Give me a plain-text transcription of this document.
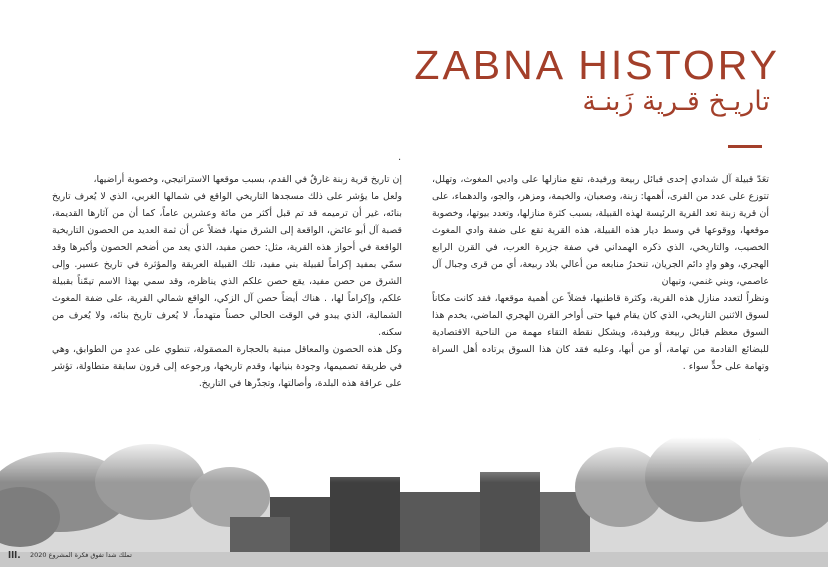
ZABNA HISTORY
تاريـخ قـرية زَبنـة
.

تعَدّ قبيلة آل شدادي إحدى قبائل ربيعة ورفيدة، تقع منازلها على واديي المغوث، وتهلل، تتوزع على عدد من القرى، أهمها: زبنة، وصعبان، والخيمة، ومزهر، والجو، والدهماء، على أن قرية زبنة تعد القرية الرئيسة لهذه القبيلة، بسبب كثرة منازلها، وتعدد بيوتها، وخصوبة موقعها، ووقوعها في وسط ديار هذه القبيلة، هذه القرية تقع على ضفة وادي المغوث الخصيب، والتاريخي، الذي ذكره الهمداني في صفة جزيرة العرب، في القرن الرابع الهجري، وهو وادٍ دائم الجريان، تنحدرُ منابعه من أعالي بلاد ربيعة، أي من قرى وجبال آل عاصمي، وبني غنمي، وتيهان

ونظراً لتعدد منازل هذه القرية، وكثرة قاطنيها، فضلاً عن أهمية موقعها، فقد كانت مكاناً لسوق الاثنين التاريخي، الذي كان يقام فيها حتى أواخر القرن الهجري الماضي، يخدم هذا السوق معظم قبائل ربيعة ورفيدة، ويشكل نقطة التقاء مهمة من الناحية الاقتصادية للبضائع القادمة من تهامة، أو من أبها، وعليه فقد كان هذا السوق يرتاده أهل السراة وتهامة على حدٍّ سواء .

إن تاريخ قرية زبنة غارقٌ في القدم، بسبب موقعها الاستراتيجي، وخصوبة أراضيها،

ولعل ما يؤشر على ذلك مسجدها التاريخي الواقع في شمالها الغربي، الذي لا يُعرف تاريخ بنائه، غير أن ترميمه قد تم قبل أكثر من مائة وعشرين عاماً، كما أن من آثارها القديمة، قصبة آل أبو عائض، الواقعة إلى الشرق منها، فضلاً عن أن ثمة العديد من الحصون التاريخية الواقعة في أحواز هذه القرية، مثل: حصن مفيد، الذي يعد من أضخم الحصون وأكبرها وقد سمّي بمفيد إكراماً لقبيلة بني مفيد، تلك القبيلة العريقة والمؤثرة في تاريخ عسير. وإلى الشرق من حصن مفيد، يقع حصن علكم الذي يناظره، وقد سمي بهذا الاسم تيمّناً بقبيلة علكم، وإكراماً لها، . هناك أيضاً حصن آل الزكي، الواقع شمالي القرية، على ضفة المغوث الشمالية، الذي يبدو في الوقت الحالي حصناً متهدماً، لا يُعرف تاريخ بنائه، ولا يُعرف من سكنه.

وكل هذه الحصون والمعاقل مبنية بالحجارة المصقولة، تنطوي على عددٍ من الطوابق، وهي في طريقة تصميمها، وجودة بنيانها، وقدم تاريخها، ورجوعه إلى قرون سابقة متطاولة، تؤشر على عراقة هذه البلدة، وأصالتها، وتجذّرها في التاريخ.

ﺍﺍﺍ. تملك شدا تفوق فكرة المشروع 2020
